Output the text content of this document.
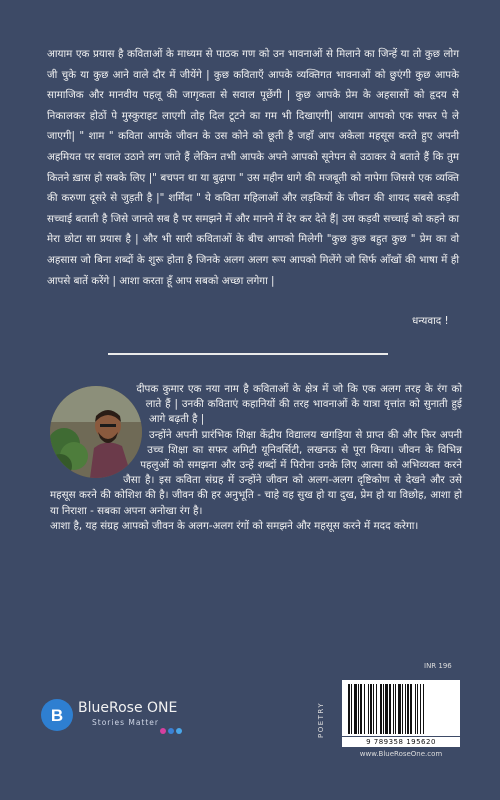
आयाम एक प्रयास है कविताओं के माध्यम से पाठक गण को उन भावनाओं से मिलाने का जिन्हें या तो कुछ लोग जी चुके या कुछ आने वाले दौर में जीयेंगे | कुछ कविताएँ आपके व्यक्तिगत भावनाओं को छुएंगी कुछ आपके सामाजिक और मानवीय पहलू की जागृकता से सवाल पूछेंगी | कुछ आपके प्रेम के अहसासों को हृदय से निकालकर होठों पे मुस्कुराहट लाएगी तोह दिल टूटने का गम भी दिखाएगी| आयाम आपको एक सफर पे ले जाएगी| " शाम " कविता आपके जीवन के उस कोने को छूती है जहाँ आप अकेला महसूस करते हुए अपनी अहमियत पर सवाल उठाने लग जाते हैं लेकिन तभी आपके अपने आपको सूनेपन से उठाकर ये बताते हैं कि तुम कितने ख़ास हो सबके लिए |" बचपन था या बुढ़ापा " उस महीन धागे की मजबूती को नापेगा जिससे एक व्यक्ति की करुणा दूसरे से जुड़ती है |" शर्मिंदा " ये कविता महिलाओं और लड़कियों के जीवन की शायद सबसे कड़वी सच्चाई बताती है जिसे जानते सब है पर समझने में और मानने में देर कर देते हैं| उस कड़वी सच्चाई को कहने का मेरा छोटा सा प्रयास है | और भी सारी कविताओं के बीच आपको मिलेगी "कुछ कुछ बहुत कुछ " प्रेम का वो अहसास जो बिना शब्दों के शुरू होता है जिनके अलग अलग रूप आपको मिलेंगे जो सिर्फ आँखों की भाषा में ही आपसे बातें करेंगे | आशा करता हूँ आप सबको अच्छा लगेगा |

धन्यवाद !

दीपक कुमार एक नया नाम है कविताओं के क्षेत्र में जो कि एक अलग तरह के रंग को लाते हैं | उनकी कविताएं कहानियों की तरह भावनाओं के यात्रा वृत्तांत को सुनाती हुई आगे बढ़ती है |

उन्होंने अपनी प्रारंभिक शिक्षा केंद्रीय विद्यालय खगड़िया से प्राप्त की और फिर अपनी उच्च शिक्षा का सफर अमिटी यूनिवर्सिटी, लखनऊ से पूरा किया। जीवन के विभिन्न पहलुओं को समझना और उन्हें शब्दों में पिरोना उनके लिए आत्मा को अभिव्यक्त करने जैसा है। इस कविता संग्रह में उन्होंने जीवन को अलग-अलग दृष्टिकोण से देखने और उसे महसूस करने की कोशिश की है। जीवन की हर अनुभूति - चाहे वह सुख हो या दुख, प्रेम हो या विछोह, आशा हो या निराशा - सबका अपना अनोखा रंग है।

आशा है, यह संग्रह आपको जीवन के अलग-अलग रंगों को समझने और महसूस करने में मदद करेगा।

INR 196
POETRY
9 789358 195620
www.BlueRoseOne.com
B BlueRose ONE
Stories Matter
